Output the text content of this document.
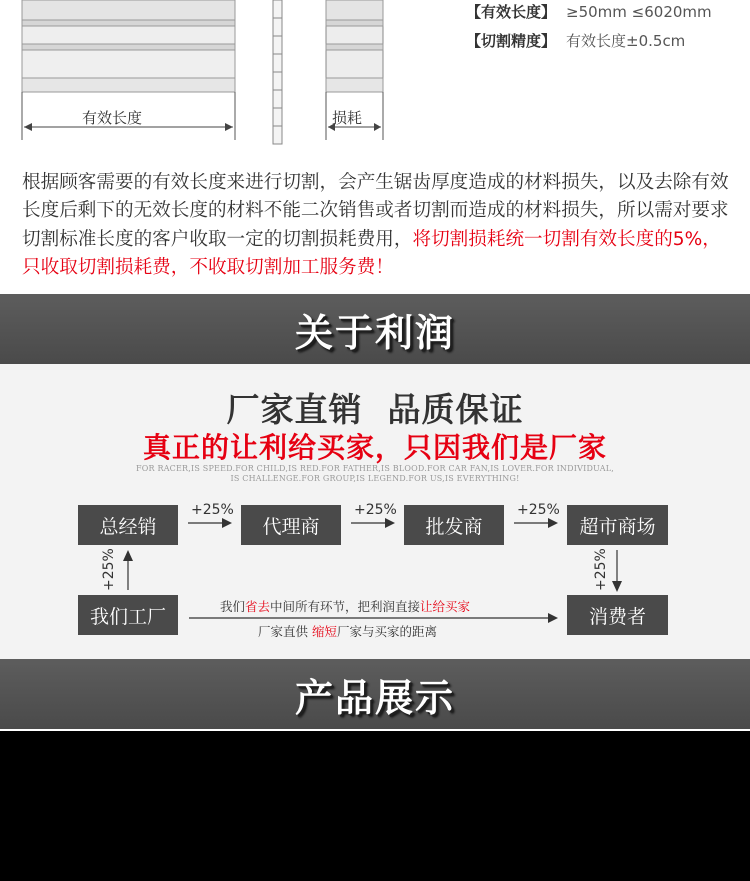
有效长度	损耗
【有效长度】 ≥50mm ≤6020mm
【切割精度】 有效长度±0.5cm
根据顾客需要的有效长度来进行切割，会产生锯齿厚度造成的材料损失，以及去除有效长度后剩下的无效长度的材料不能二次销售或者切割而造成的材料损失，所以需对要求切割标准长度的客户收取一定的切割损耗费用，将切割损耗统一切割有效长度的5%，只收取切割损耗费，不收取切割加工服务费！
关于利润
厂家直销  品质保证
真正的让利给买家，只因我们是厂家
FOR RACER,IS SPEED.FOR CHILD,IS RED.FOR FATHER,IS BLOOD.FOR CAR FAN,IS LOVER.FOR INDIVIDUAL,
IS CHALLENGE.FOR GROUP,IS LEGEND.FOR US,IS EVERYTHING!
总经销	代理商	批发商	超市商场
我们工厂	消费者
+25%	+25%	+25%
+25%	+25%
我们省去中间所有环节，把利润直接让给买家
厂家直供 缩短厂家与买家的距离
产品展示
